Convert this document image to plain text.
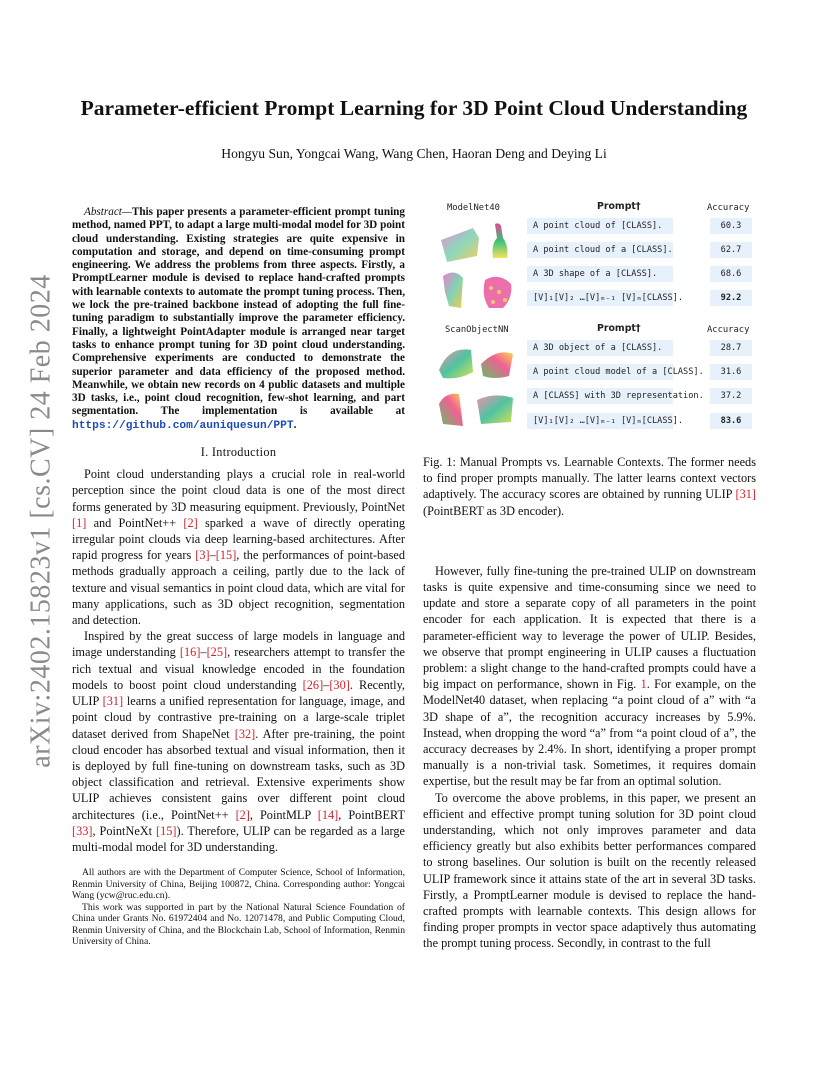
arXiv:2402.15823v1 [cs.CV] 24 Feb 2024
Parameter-efficient Prompt Learning for 3D Point Cloud Understanding
Hongyu Sun, Yongcai Wang, Wang Chen, Haoran Deng and Deying Li

Abstract—This paper presents a parameter-efficient prompt tuning method, named PPT, to adapt a large multi-modal model for 3D point cloud understanding. Existing strategies are quite expensive in computation and storage, and depend on time-consuming prompt engineering. We address the problems from three aspects. Firstly, a PromptLearner module is devised to replace hand-crafted prompts with learnable contexts to automate the prompt tuning process. Then, we lock the pre-trained backbone instead of adopting the full fine-tuning paradigm to substantially improve the parameter efficiency. Finally, a lightweight PointAdapter module is arranged near target tasks to enhance prompt tuning for 3D point cloud understanding. Comprehensive experiments are conducted to demonstrate the superior parameter and data efficiency of the proposed method. Meanwhile, we obtain new records on 4 public datasets and multiple 3D tasks, i.e., point cloud recognition, few-shot learning, and part segmentation. The implementation is available at https://github.com/auniquesun/PPT.

I. Introduction

Point cloud understanding plays a crucial role in real-world perception since the point cloud data is one of the most direct forms generated by 3D measuring equipment. Previously, PointNet [1] and PointNet++ [2] sparked a wave of directly operating irregular point clouds via deep learning-based architectures. After rapid progress for years [3]–[15], the performances of point-based methods gradually approach a ceiling, partly due to the lack of texture and visual semantics in point cloud data, which are vital for many applications, such as 3D object recognition, segmentation and detection.

Inspired by the great success of large models in language and image understanding [16]–[25], researchers attempt to transfer the rich textual and visual knowledge encoded in the foundation models to boost point cloud understanding [26]–[30]. Recently, ULIP [31] learns a unified representation for language, image, and point cloud by contrastive pre-training on a large-scale triplet dataset derived from ShapeNet [32]. After pre-training, the point cloud encoder has absorbed textual and visual information, then it is deployed by full fine-tuning on downstream tasks, such as 3D object classification and retrieval. Extensive experiments show ULIP achieves consistent gains over different point cloud architectures (i.e., PointNet++ [2], PointMLP [14], PointBERT [33], PointNeXt [15]). Therefore, ULIP can be regarded as a large multi-modal model for 3D understanding.

All authors are with the Department of Computer Science, School of Information, Renmin University of China, Beijing 100872, China. Corresponding author: Yongcai Wang (ycw@ruc.edu.cn).

This work was supported in part by the National Natural Science Foundation of China under Grants No. 61972404 and No. 12071478, and Public Computing Cloud, Renmin University of China, and the Blockchain Lab, School of Information, Renmin University of China.

ModelNet40	Prompt†	Accuracy
A point cloud of [CLASS].	60.3
A point cloud of a [CLASS].	62.7
A 3D shape of a [CLASS].	68.6
[V]₁[V]₂ …[V]ₘ₋₁ [V]ₘ[CLASS].	92.2
ScanObjectNN	Prompt†	Accuracy
A 3D object of a [CLASS].	28.7
A point cloud model of a [CLASS].	31.6
A [CLASS] with 3D representation.	37.2
[V]₁[V]₂ …[V]ₘ₋₁ [V]ₘ[CLASS].	83.6
Fig. 1: Manual Prompts vs. Learnable Contexts. The former needs to find proper prompts manually. The latter learns context vectors adaptively. The accuracy scores are obtained by running ULIP [31] (PointBERT as 3D encoder).

However, fully fine-tuning the pre-trained ULIP on downstream tasks is quite expensive and time-consuming since we need to update and store a separate copy of all parameters in the point encoder for each application. It is expected that there is a parameter-efficient way to leverage the power of ULIP. Besides, we observe that prompt engineering in ULIP causes a fluctuation problem: a slight change to the hand-crafted prompts could have a big impact on performance, shown in Fig. 1. For example, on the ModelNet40 dataset, when replacing “a point cloud of a” with “a 3D shape of a”, the recognition accuracy increases by 5.9%. Instead, when dropping the word “a” from “a point cloud of a”, the accuracy decreases by 2.4%. In short, identifying a proper prompt manually is a non-trivial task. Sometimes, it requires domain expertise, but the result may be far from an optimal solution.

To overcome the above problems, in this paper, we present an efficient and effective prompt tuning solution for 3D point cloud understanding, which not only improves parameter and data efficiency greatly but also exhibits better performances compared to strong baselines. Our solution is built on the recently released ULIP framework since it attains state of the art in several 3D tasks. Firstly, a PromptLearner module is devised to replace the hand-crafted prompts with learnable contexts. This design allows for finding proper prompts in vector space adaptively thus automating the prompt tuning process. Secondly, in contrast to the full
